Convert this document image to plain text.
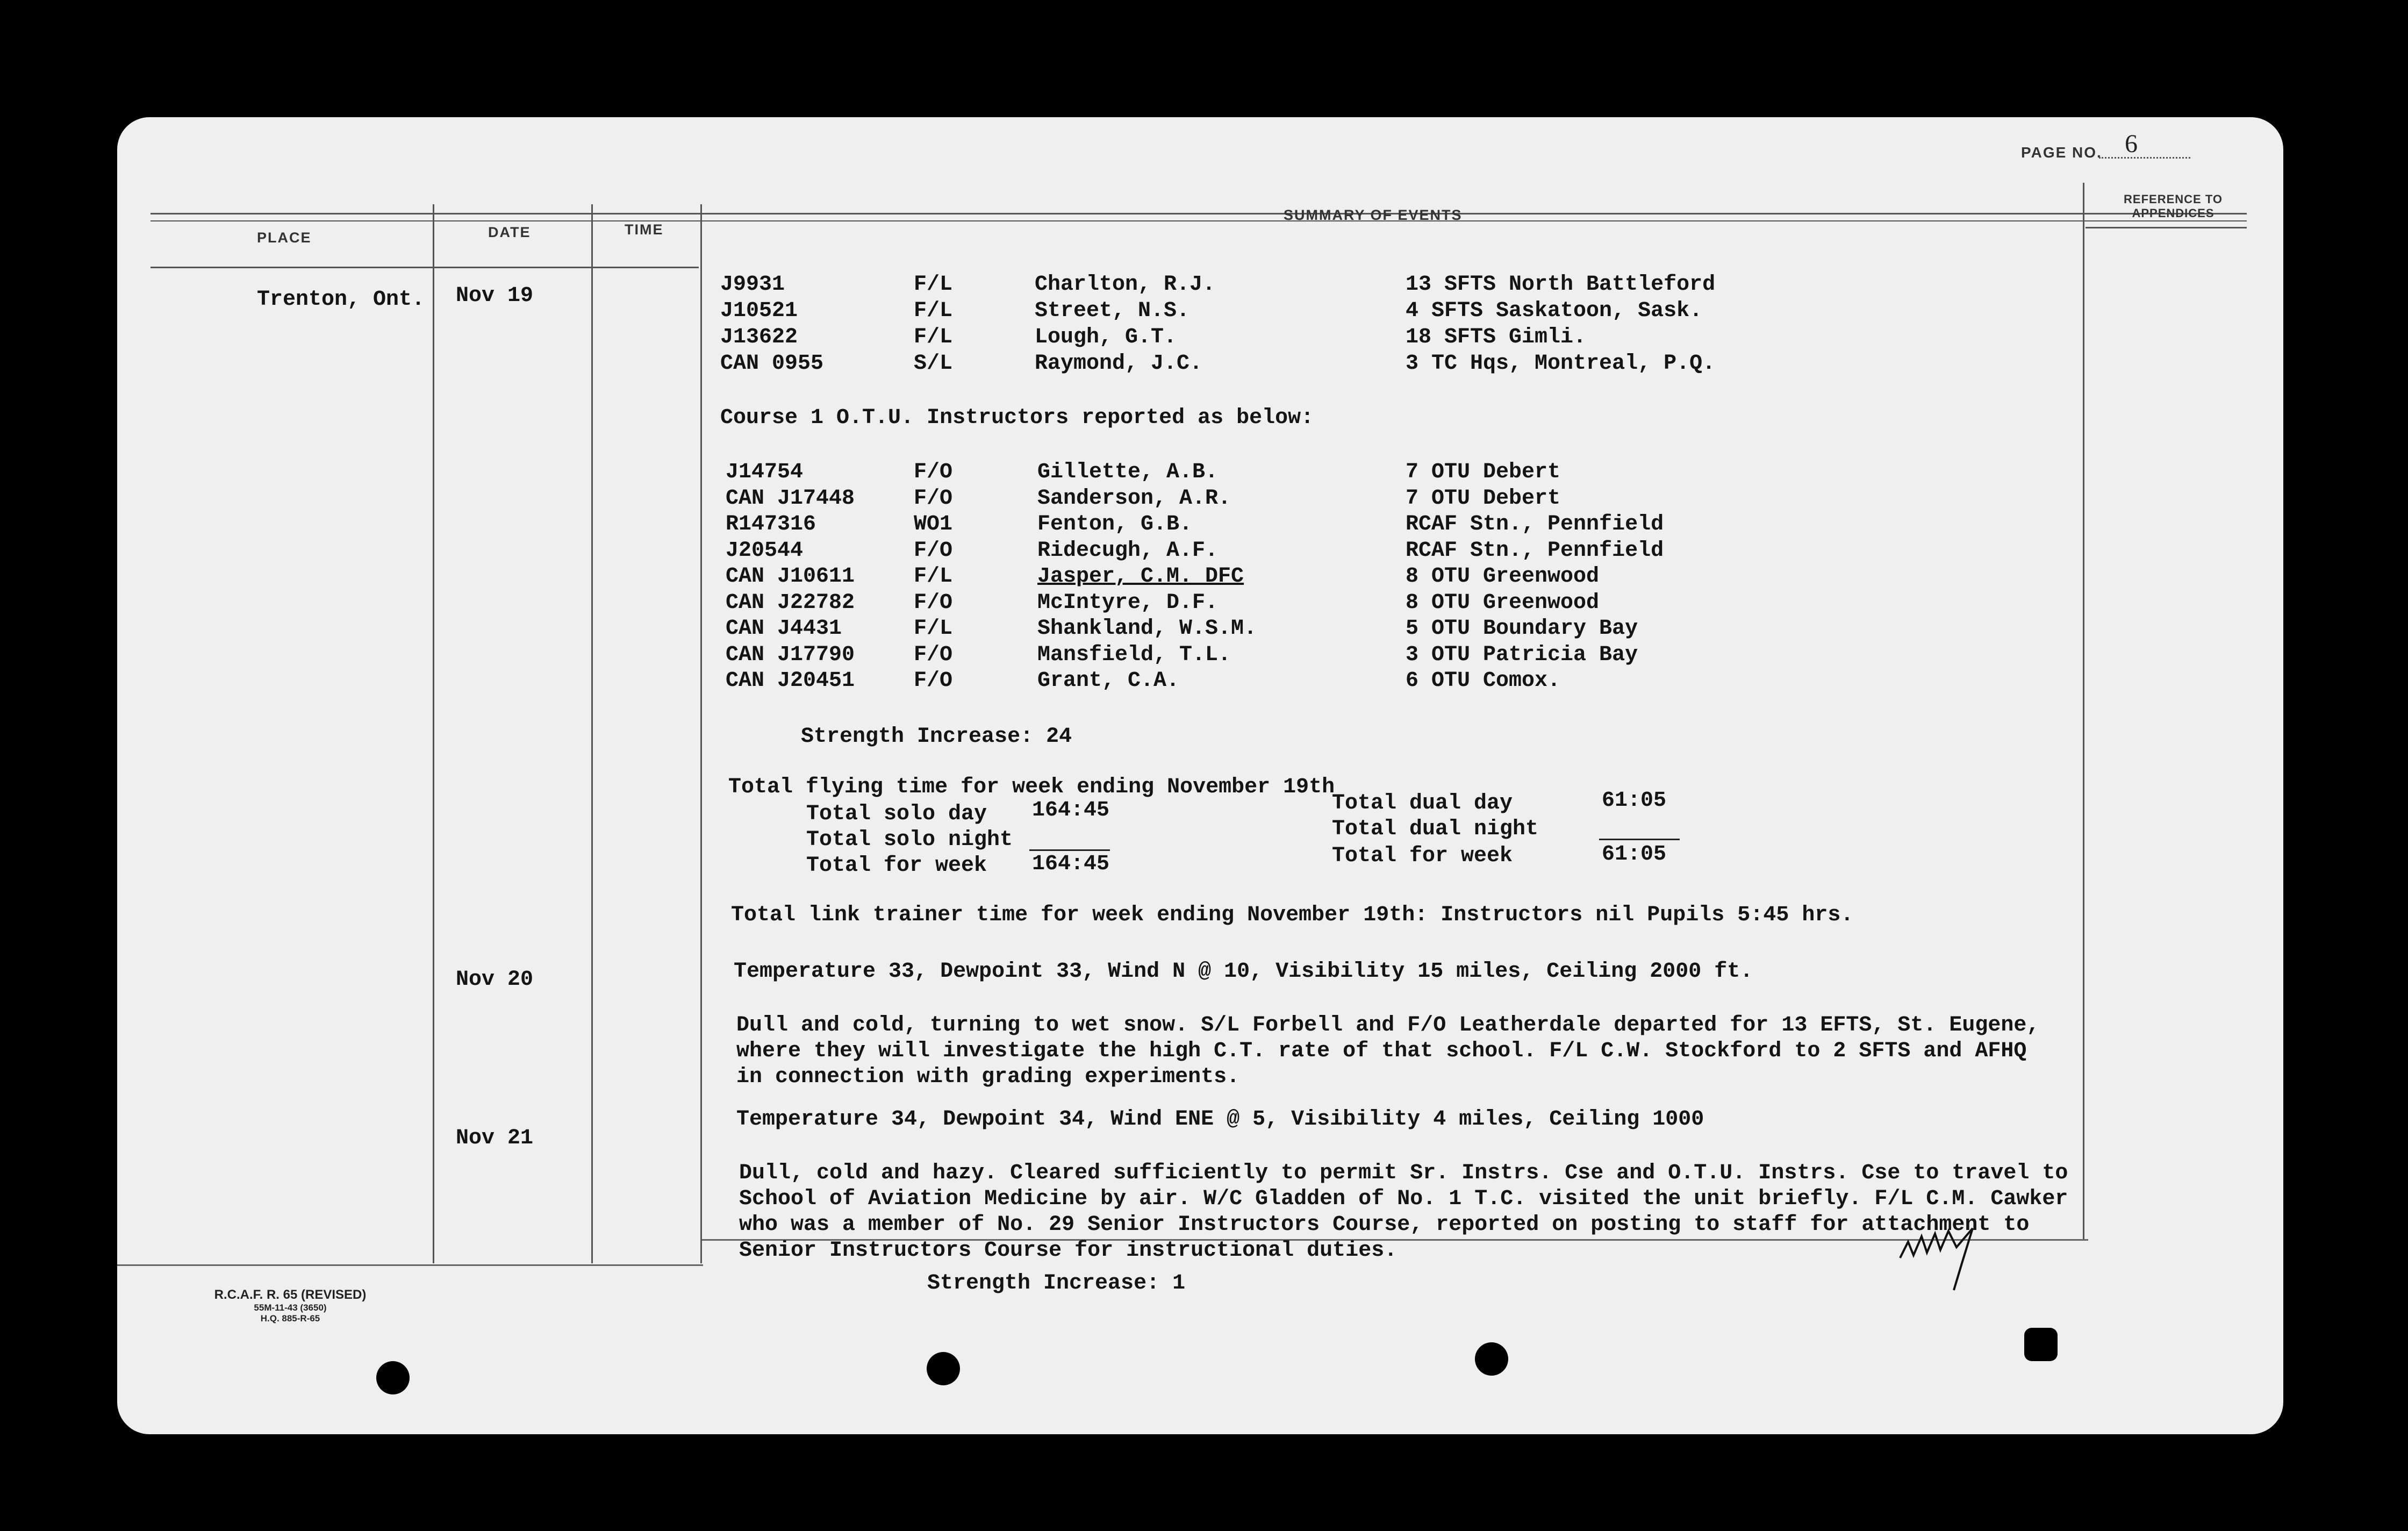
PAGE NO. 6
PLACE	DATE	TIME
SUMMARY OF EVENTS
REFERENCE TO
APPENDICES
Trenton, Ont. Nov 19
Nov 20
Nov 21
J9931	F/L	Charlton, R.J.	13 SFTS North Battleford
J10521	F/L	Street, N.S.	4 SFTS Saskatoon, Sask.
J13622	F/L	Lough, G.T.	18 SFTS Gimli.
CAN 0955	S/L	Raymond, J.C.	3 TC Hqs, Montreal, P.Q.
Course 1 O.T.U. Instructors reported as below:
J14754	F/O	Gillette, A.B.	7 OTU Debert
CAN J17448	F/O	Sanderson, A.R.	7 OTU Debert
R147316	WO1	Fenton, G.B.	RCAF Stn., Pennfield
J20544	F/O	Ridecugh, A.F.	RCAF Stn., Pennfield
CAN J10611	F/L	Jasper, C.M. DFC	8 OTU Greenwood
CAN J22782	F/O	McIntyre, D.F.	8 OTU Greenwood
CAN J4431	F/L	Shankland, W.S.M.	5 OTU Boundary Bay
CAN J17790	F/O	Mansfield, T.L.	3 OTU Patricia Bay
CAN J20451	F/O	Grant, C.A.	6 OTU Comox.
Strength Increase: 24
Total flying time for week ending November 19th
Total solo day 164:45
Total solo night
Total for week 164:45
Total dual day	61:05
Total dual night
Total for week	61:05
Total link trainer time for week ending November 19th: Instructors nil Pupils 5:45 hrs.
Temperature 33, Dewpoint 33, Wind N @ 10, Visibility 15 miles, Ceiling 2000 ft.
Dull and cold, turning to wet snow. S/L Forbell and F/O Leatherdale departed for 13 EFTS, St. Eugene,
where they will investigate the high C.T. rate of that school. F/L C.W. Stockford to 2 SFTS and AFHQ
in connection with grading experiments.
Temperature 34, Dewpoint 34, Wind ENE @ 5, Visibility 4 miles, Ceiling 1000
Dull, cold and hazy. Cleared sufficiently to permit Sr. Instrs. Cse and O.T.U. Instrs. Cse to travel to
School of Aviation Medicine by air. W/C Gladden of No. 1 T.C. visited the unit briefly. F/L C.M. Cawker
who was a member of No. 29 Senior Instructors Course, reported on posting to staff for attachment to
Senior Instructors Course for instructional duties.
Strength Increase: 1
R.C.A.F. R. 65 (REVISED)
55M-11-43 (3650)
H.Q. 885-R-65
